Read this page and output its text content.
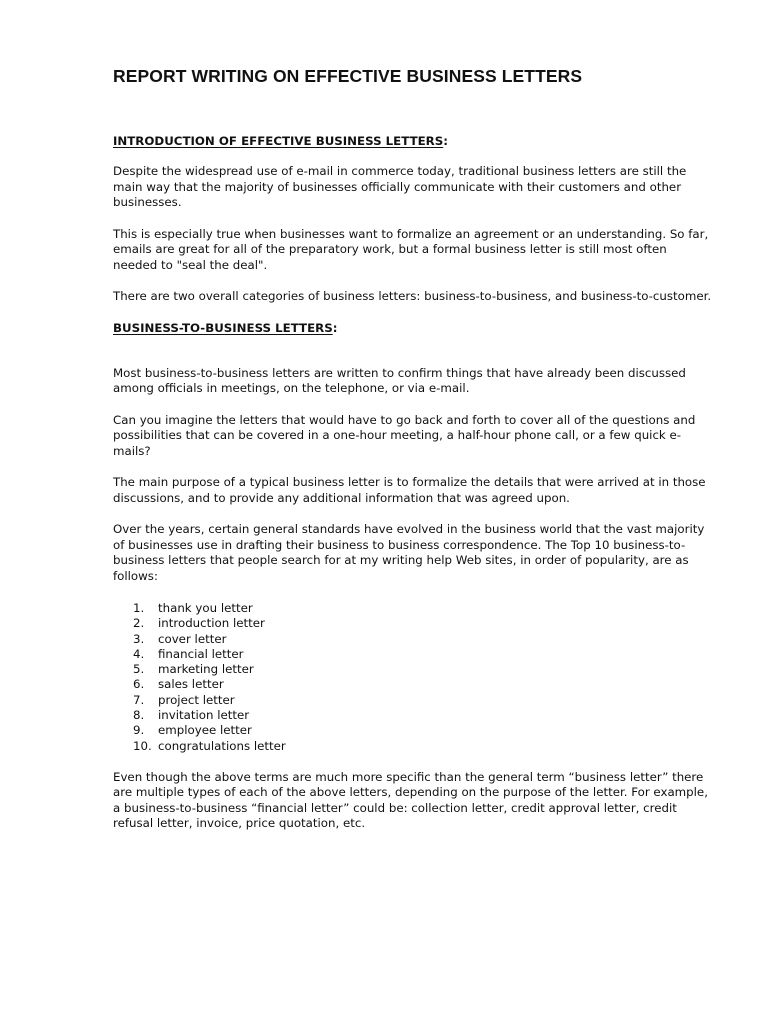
REPORT WRITING ON EFFECTIVE BUSINESS LETTERS

INTRODUCTION OF EFFECTIVE BUSINESS LETTERS:

Despite the widespread use of e-mail in commerce today, traditional business letters are still the main way that the majority of businesses officially communicate with their customers and other businesses.

This is especially true when businesses want to formalize an agreement or an understanding. So far, emails are great for all of the preparatory work, but a formal business letter is still most often needed to "seal the deal".

There are two overall categories of business letters: business-to-business, and business-to-customer.

BUSINESS-TO-BUSINESS LETTERS:

Most business-to-business letters are written to confirm things that have already been discussed among officials in meetings, on the telephone, or via e-mail.

Can you imagine the letters that would have to go back and forth to cover all of the questions and possibilities that can be covered in a one-hour meeting, a half-hour phone call, or a few quick e-mails?

The main purpose of a typical business letter is to formalize the details that were arrived at in those discussions, and to provide any additional information that was agreed upon.

Over the years, certain general standards have evolved in the business world that the vast majority of businesses use in drafting their business to business correspondence. The Top 10 business-to-business letters that people search for at my writing help Web sites, in order of popularity, are as follows:

1. thank you letter
2. introduction letter
3. cover letter
4. financial letter
5. marketing letter
6. sales letter
7. project letter
8. invitation letter
9. employee letter
10. congratulations letter

Even though the above terms are much more specific than the general term “business letter” there are multiple types of each of the above letters, depending on the purpose of the letter. For example, a business-to-business “financial letter” could be: collection letter, credit approval letter, credit refusal letter, invoice, price quotation, etc.
